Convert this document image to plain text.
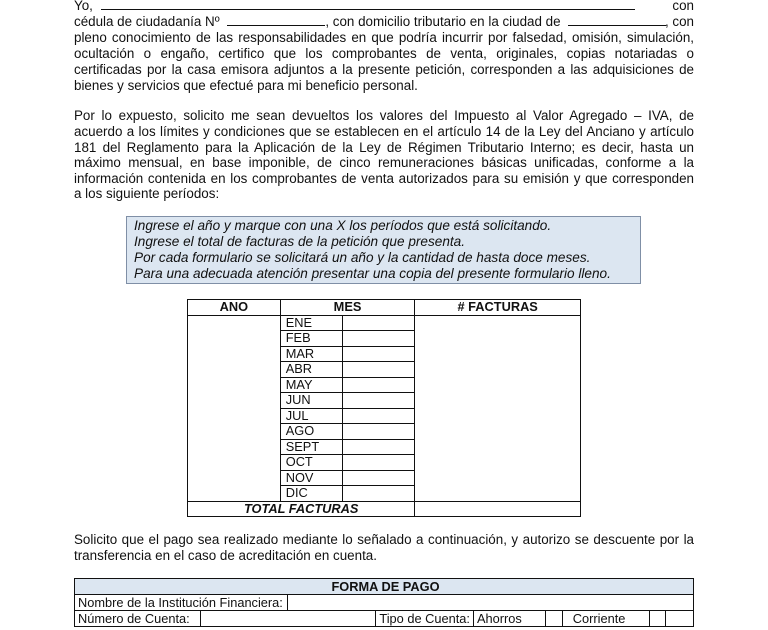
Yo,	con
cédula de ciudadanía Nº	, con domicilio tributario en la ciudad de	, con
pleno conocimiento de las responsabilidades en que podría incurrir por falsedad, omisión, simulación,
ocultación o engaño, certifico que los comprobantes de venta, originales, copias notariadas o
certificadas por la casa emisora adjuntos a la presente petición, corresponden a las adquisiciones de
bienes y servicios que efectué para mi beneficio personal.
Por lo expuesto, solicito me sean devueltos los valores del Impuesto al Valor Agregado – IVA, de
acuerdo a los límites y condiciones que se establecen en el artículo 14 de la Ley del Anciano y artículo
181 del Reglamento para la Aplicación de la Ley de Régimen Tributario Interno; es decir, hasta un
máximo mensual, en base imponible, de cinco remuneraciones básicas unificadas, conforme a la
información contenida en los comprobantes de venta autorizados para su emisión y que corresponden
a los siguiente períodos:
Ingrese el año y marque con una X los períodos que está solicitando.
Ingrese el total de facturas de la petición que presenta.
Por cada formulario se solicitará un año y la cantidad de hasta doce meses.
Para una adecuada atención presentar una copia del presente formulario lleno.
ANO	MES		# FACTURAS
	ENE		
	FEB		
	MAR		
	ABR		
	MAY		
	JUN		
	JUL		
	AGO		
	SEPT		
	OCT		
	NOV		
	DIC		
TOTAL FACTURAS			
Solicito que el pago sea realizado mediante lo señalado a continuación, y autorizo se descuente por la
transferencia en el caso de acreditación en cuenta.
FORMA DE PAGO								
Nombre de la Institución Financiera:								
Número de Cuenta:			Tipo de Cuenta:	Ahorros		Corriente		
